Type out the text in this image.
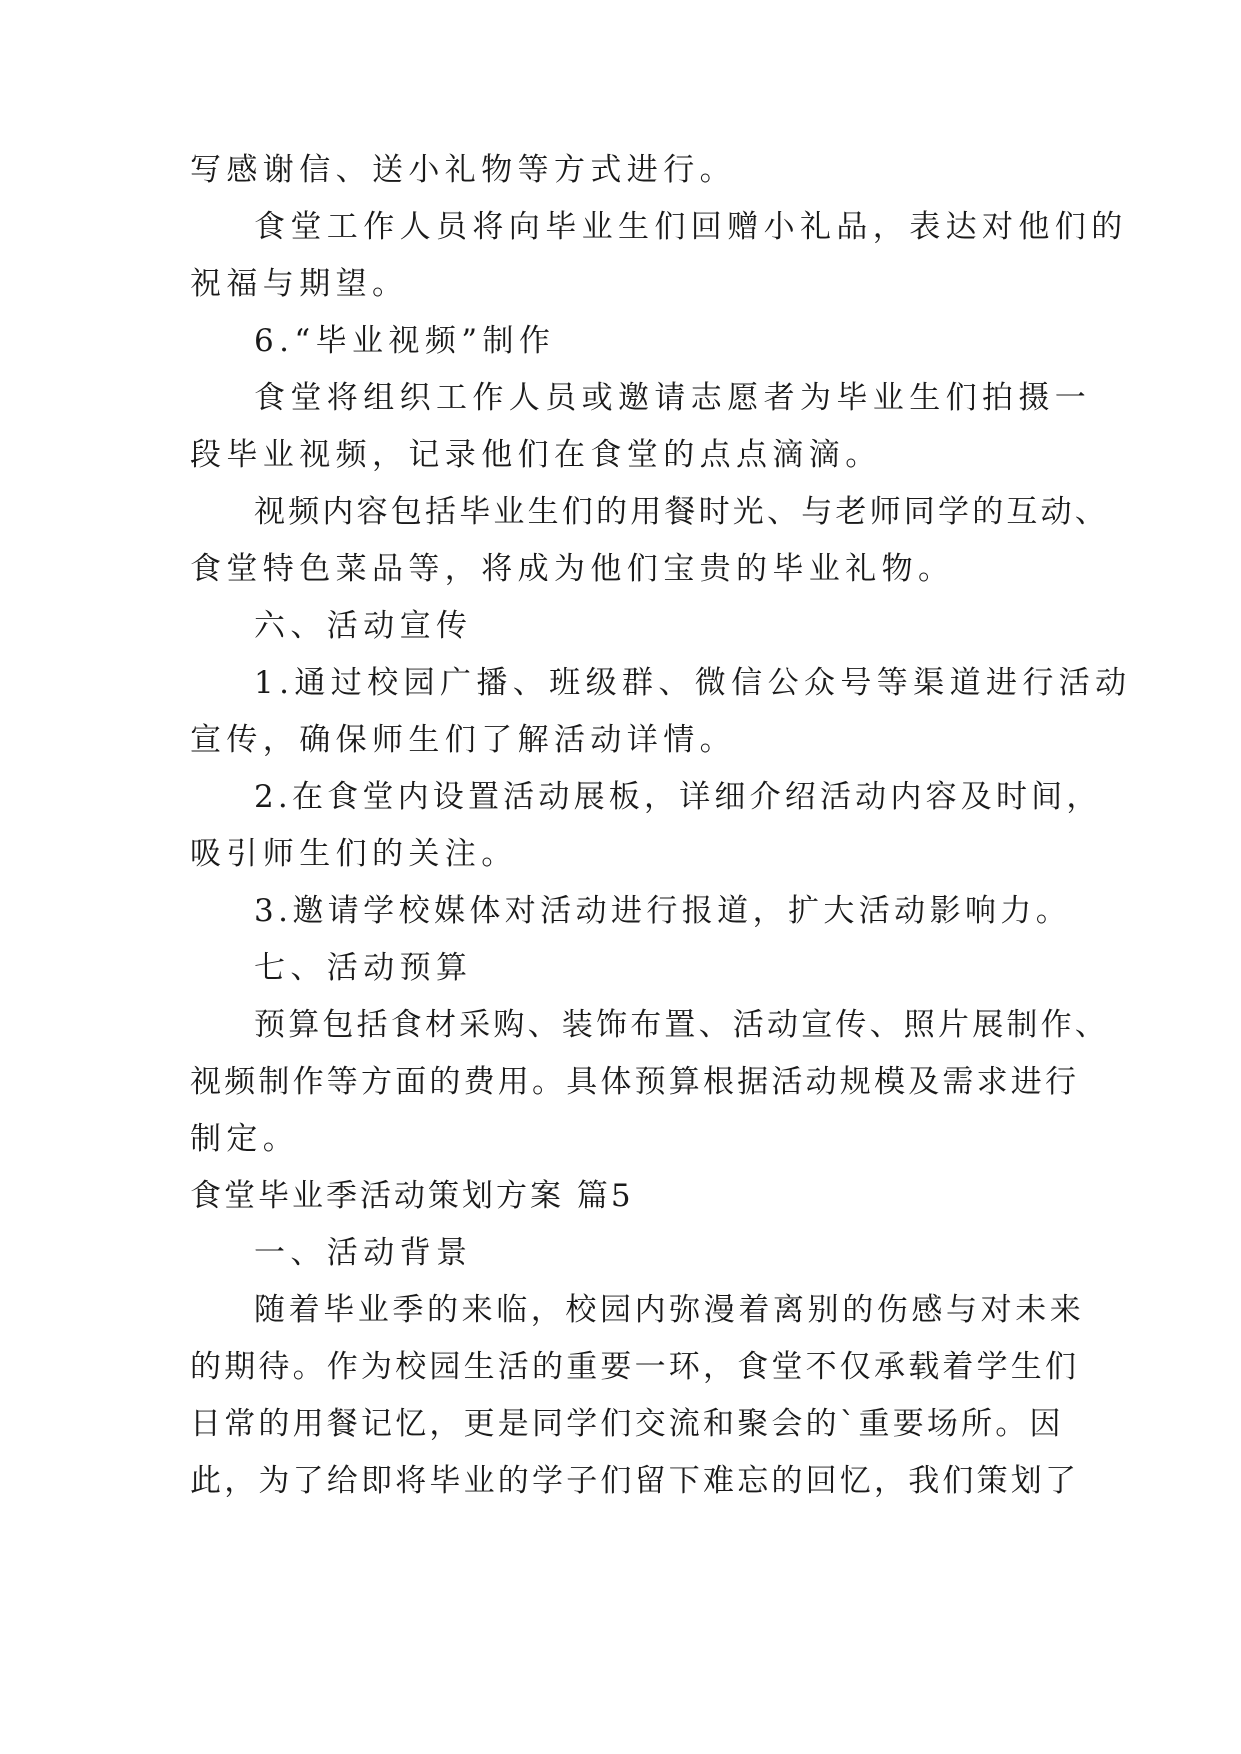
写感谢信、送小礼物等方式进行。
食堂工作人员将向毕业生们回赠小礼品，表达对他们的
祝福与期望。
6.“毕业视频”制作
食堂将组织工作人员或邀请志愿者为毕业生们拍摄一
段毕业视频，记录他们在食堂的点点滴滴。
视频内容包括毕业生们的用餐时光、与老师同学的互动、
食堂特色菜品等，将成为他们宝贵的毕业礼物。
六、活动宣传
1.通过校园广播、班级群、微信公众号等渠道进行活动
宣传，确保师生们了解活动详情。
2.在食堂内设置活动展板，详细介绍活动内容及时间，
吸引师生们的关注。
3.邀请学校媒体对活动进行报道，扩大活动影响力。
七、活动预算
预算包括食材采购、装饰布置、活动宣传、照片展制作、
视频制作等方面的费用。具体预算根据活动规模及需求进行
制定。
食堂毕业季活动策划方案 篇5
一、活动背景
随着毕业季的来临，校园内弥漫着离别的伤感与对未来
的期待。作为校园生活的重要一环，食堂不仅承载着学生们
日常的用餐记忆，更是同学们交流和聚会的`重要场所。因
此，为了给即将毕业的学子们留下难忘的回忆，我们策划了
